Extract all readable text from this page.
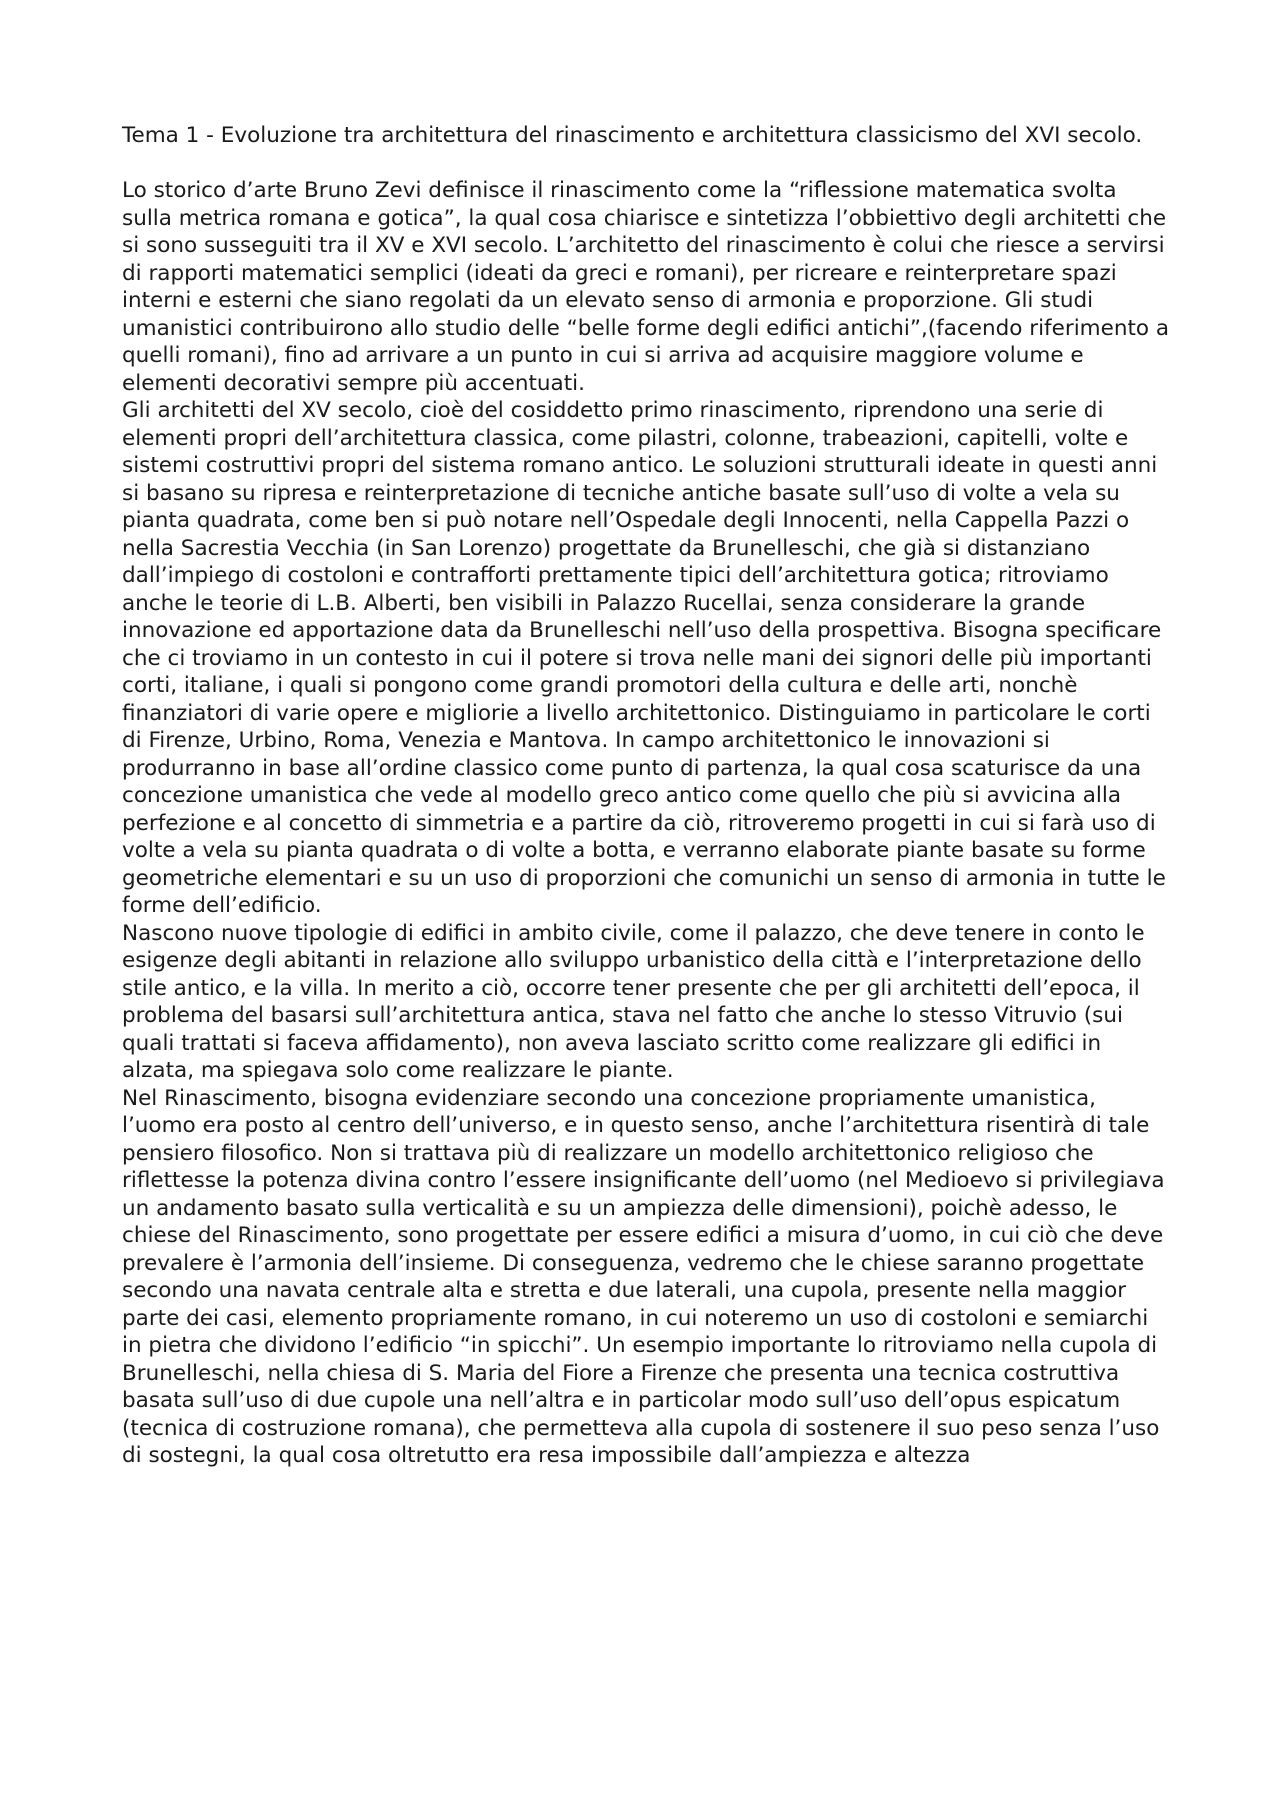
Tema 1 - Evoluzione tra architettura del rinascimento e architettura classicismo del XVI secolo.

Lo storico d’arte Bruno Zevi definisce il rinascimento come la “riflessione matematica svolta sulla metrica romana e gotica”, la qual cosa chiarisce e sintetizza l’obbiettivo degli architetti che si sono susseguiti tra il XV e XVI secolo. L’architetto del rinascimento è colui che riesce a servirsi di rapporti matematici semplici (ideati da greci e romani), per ricreare e reinterpretare spazi interni e esterni che siano regolati da un elevato senso di armonia e proporzione. Gli studi umanistici contribuirono allo studio delle “belle forme degli edifici antichi”,(facendo riferimento a quelli romani), fino ad arrivare a un punto in cui si arriva ad acquisire maggiore volume e elementi decorativi sempre più accentuati.

Gli architetti del XV secolo, cioè del cosiddetto primo rinascimento, riprendono una serie di elementi propri dell’architettura classica, come pilastri, colonne, trabeazioni, capitelli, volte e sistemi costruttivi propri del sistema romano antico. Le soluzioni strutturali ideate in questi anni si basano su ripresa e reinterpretazione di tecniche antiche basate sull’uso di volte a vela su pianta quadrata, come ben si può notare nell’Ospedale degli Innocenti, nella Cappella Pazzi o nella Sacrestia Vecchia (in San Lorenzo) progettate da Brunelleschi, che già si distanziano dall’impiego di costoloni e contrafforti prettamente tipici dell’architettura gotica; ritroviamo anche le teorie di L.B. Alberti, ben visibili in Palazzo Rucellai, senza considerare la grande innovazione ed apportazione data da Brunelleschi nell’uso della prospettiva. Bisogna specificare che ci troviamo in un contesto in cui il potere si trova nelle mani dei signori delle più importanti corti, italiane, i quali si pongono come grandi promotori della cultura e delle arti, nonchè finanziatori di varie opere e migliorie a livello architettonico. Distinguiamo in particolare le corti di Firenze, Urbino, Roma, Venezia e Mantova. In campo architettonico le innovazioni si produrranno in base all’ordine classico come punto di partenza, la qual cosa scaturisce da una concezione umanistica che vede al modello greco antico come quello che più si avvicina alla perfezione e al concetto di simmetria e a partire da ciò, ritroveremo progetti in cui si farà uso di volte a vela su pianta quadrata o di volte a botta, e verranno elaborate piante basate su forme geometriche elementari e su un uso di proporzioni che comunichi un senso di armonia in tutte le forme dell’edificio.

Nascono nuove tipologie di edifici in ambito civile, come il palazzo, che deve tenere in conto le esigenze degli abitanti in relazione allo sviluppo urbanistico della città e l’interpretazione dello stile antico, e la villa. In merito a ciò, occorre tener presente che per gli architetti dell’epoca, il problema del basarsi sull’architettura antica, stava nel fatto che anche lo stesso Vitruvio (sui quali trattati si faceva affidamento), non aveva lasciato scritto come realizzare gli edifici in alzata, ma spiegava solo come realizzare le piante.

Nel Rinascimento, bisogna evidenziare secondo una concezione propriamente umanistica, l’uomo era posto al centro dell’universo, e in questo senso, anche l’architettura risentirà di tale pensiero filosofico. Non si trattava più di realizzare un modello architettonico religioso che riflettesse la potenza divina contro l’essere insignificante dell’uomo (nel Medioevo si privilegiava un andamento basato sulla verticalità e su un ampiezza delle dimensioni), poichè adesso, le chiese del Rinascimento, sono progettate per essere edifici a misura d’uomo, in cui ciò che deve prevalere è l’armonia dell’insieme. Di conseguenza, vedremo che le chiese saranno progettate secondo una navata centrale alta e stretta e due laterali, una cupola, presente nella maggior parte dei casi, elemento propriamente romano, in cui noteremo un uso di costoloni e semiarchi in pietra che dividono l’edificio “in spicchi”. Un esempio importante lo ritroviamo nella cupola di Brunelleschi, nella chiesa di S. Maria del Fiore a Firenze che presenta una tecnica costruttiva basata sull’uso di due cupole una nell’altra e in particolar modo sull’uso dell’opus espicatum (tecnica di costruzione romana), che permetteva alla cupola di sostenere il suo peso senza l’uso di sostegni, la qual cosa oltretutto era resa impossibile dall’ampiezza e altezza
